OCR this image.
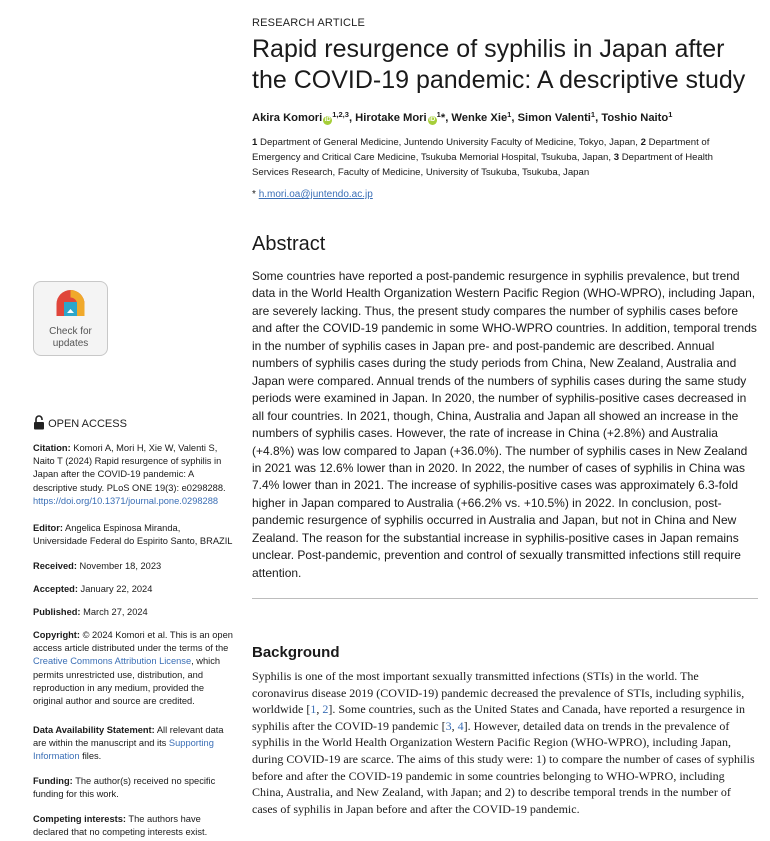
RESEARCH ARTICLE
Rapid resurgence of syphilis in Japan after the COVID-19 pandemic: A descriptive study
Akira Komori iD$^{1,2,3}$, Hirotake Mori $iD^1*$, Wenke Xie$^1$, Simon Valenti$^1$, Toshio Naito$^1$
1 Department of General Medicine, Juntendo University Faculty of Medicine, Tokyo, Japan, 2 Department of Emergency and Critical Care Medicine, Tsukuba Memorial Hospital, Tsukuba, Japan, 3 Department of Health Services Research, Faculty of Medicine, University of Tsukuba, Tsukuba, Japan
* h.mori.oa@juntendo.ac.jp
Abstract
Some countries have reported a post-pandemic resurgence in syphilis prevalence, but trend data in the World Health Organization Western Pacific Region (WHO-WPRO), including Japan, are severely lacking. Thus, the present study compares the number of syphilis cases before and after the COVID-19 pandemic in some WHO-WPRO countries. In addition, temporal trends in the number of syphilis cases in Japan pre- and post-pandemic are described. Annual numbers of syphilis cases during the study periods from China, New Zealand, Australia and Japan were compared. Annual trends of the numbers of syphilis cases during the same study periods were examined in Japan. In 2020, the number of syphilis-positive cases decreased in all four countries. In 2021, though, China, Australia and Japan all showed an increase in the numbers of syphilis cases. However, the rate of increase in China (+2.8%) and Australia (+4.8%) was low compared to Japan (+36.0%). The number of syphilis cases in New Zealand in 2021 was 12.6% lower than in 2020. In 2022, the number of cases of syphilis in China was 7.4% lower than in 2021. The increase of syphilis-positive cases was approximately 6.3-fold higher in Japan compared to Australia (+66.2% vs. +10.5%) in 2022. In conclusion, post-pandemic resurgence of syphilis occurred in Australia and Japan, but not in China and New Zealand. The reason for the substantial increase in syphilis-positive cases in Japan remains unclear. Post-pandemic, prevention and control of sexually transmitted infections still require attention.
Background
Syphilis is one of the most important sexually transmitted infections (STIs) in the world. The coronavirus disease 2019 (COVID-19) pandemic decreased the prevalence of STIs, including syphilis, worldwide [1, 2]. Some countries, such as the United States and Canada, have reported a resurgence in syphilis after the COVID-19 pandemic [3, 4]. However, detailed data on trends in the prevalence of syphilis in the World Health Organization Western Pacific Region (WHO-WPRO), including Japan, during COVID-19 are scarce. The aims of this study were: 1) to compare the number of cases of syphilis before and after the COVID-19 pandemic in some countries belonging to WHO-WPRO, including China, Australia, and New Zealand, with Japan; and 2) to describe temporal trends in the number of cases of syphilis in Japan before and after the COVID-19 pandemic.
Check for
updates
OPEN ACCESS
Citation: Komori A, Mori H, Xie W, Valenti S, Naito T (2024) Rapid resurgence of syphilis in Japan after the COVID-19 pandemic: A descriptive study. PLoS ONE 19(3): e0298288. https://doi.org/10.1371/journal.pone.0298288
Editor: Angelica Espinosa Miranda, Universidade Federal do Espirito Santo, BRAZIL
Received: November 18, 2023
Accepted: January 22, 2024
Published: March 27, 2024
Copyright: © 2024 Komori et al. This is an open access article distributed under the terms of the Creative Commons Attribution License, which permits unrestricted use, distribution, and reproduction in any medium, provided the original author and source are credited.
Data Availability Statement: All relevant data are within the manuscript and its Supporting Information files.
Funding: The author(s) received no specific funding for this work.
Competing interests: The authors have declared that no competing interests exist.
